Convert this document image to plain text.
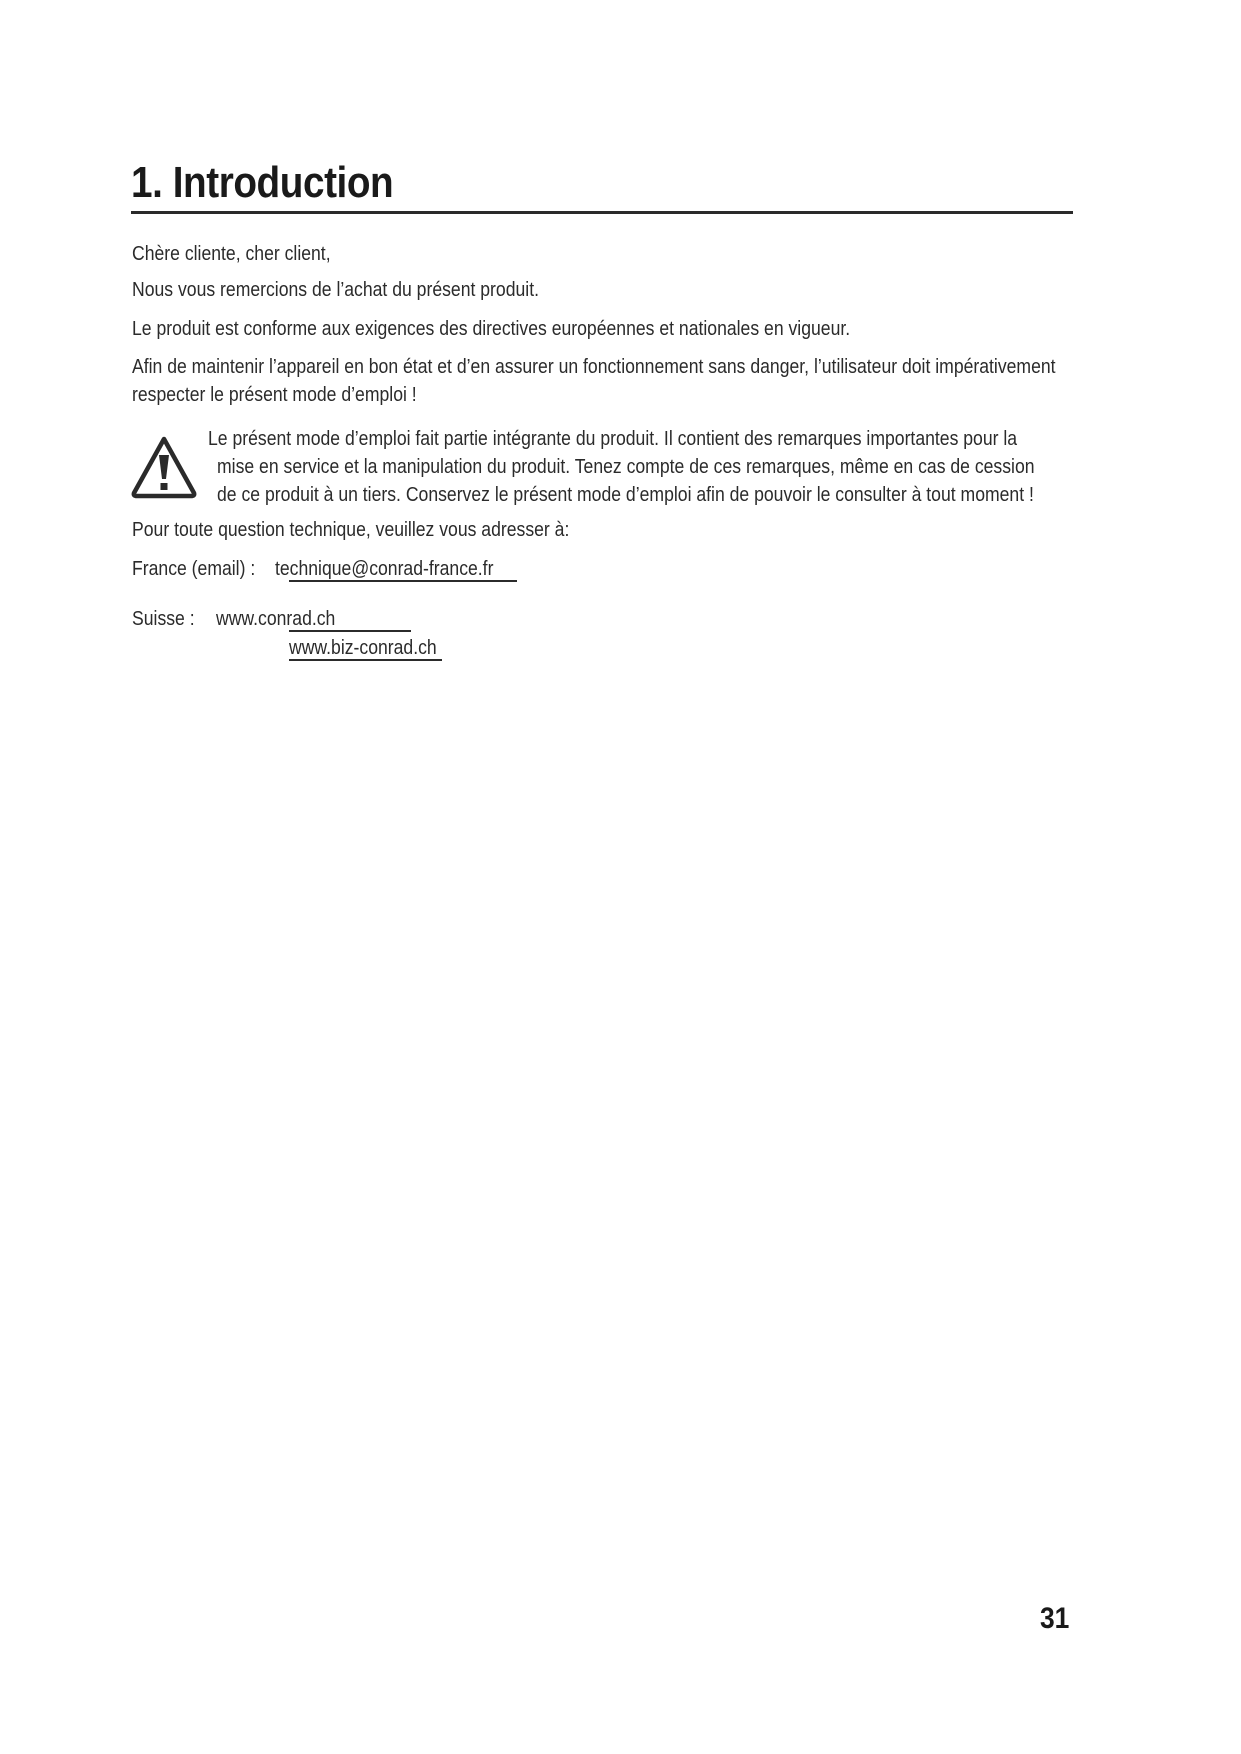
1. Introduction
Chère cliente, cher client,
Nous vous remercions de l’achat du présent produit.
Le produit est conforme aux exigences des directives européennes et nationales en vigueur.
Afin de maintenir l’appareil en bon état et d’en assurer un fonctionnement sans danger, l’utilisateur doit impérativement
respecter le présent mode d’emploi !
Le présent mode d’emploi fait partie intégrante du produit. Il contient des remarques importantes pour la
mise en service et la manipulation du produit. Tenez compte de ces remarques, même en cas de cession
de ce produit à un tiers. Conservez le présent mode d’emploi afin de pouvoir le consulter à tout moment !
Pour toute question technique, veuillez vous adresser à:
France (email) : technique@conrad-france.fr
Suisse : www.conrad.ch
www.biz-conrad.ch
31
